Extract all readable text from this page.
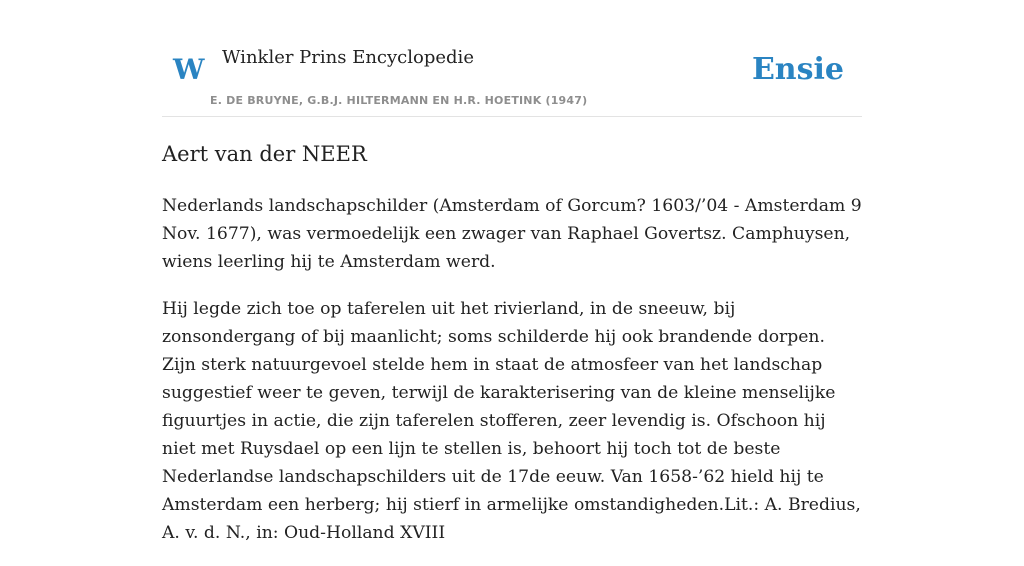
W Winkler Prins Encyclopedie
E. DE BRUYNE, G.B.J. HILTERMANN EN H.R. HOETINK (1947)
Ensie
Aert van der NEER

Nederlands landschapschilder (Amsterdam of Gorcum? 1603/’04 - Amsterdam 9 Nov. 1677), was vermoedelijk een zwager van Raphael Govertsz. Camphuysen, wiens leerling hij te Amsterdam werd.

Hij legde zich toe op taferelen uit het rivierland, in de sneeuw, bij zonsondergang of bij maanlicht; soms schilderde hij ook brandende dorpen. Zijn sterk natuurgevoel stelde hem in staat de atmosfeer van het landschap suggestief weer te geven, terwijl de karakterisering van de kleine menselijke figuurtjes in actie, die zijn taferelen stofferen, zeer levendig is. Ofschoon hij niet met Ruysdael op een lijn te stellen is, behoort hij toch tot de beste Nederlandse landschapschilders uit de 17de eeuw. Van 1658-’62 hield hij te Amsterdam een herberg; hij stierf in armelijke omstandigheden.Lit.: A. Bredius, A. v. d. N., in: Oud-Holland XVIII
